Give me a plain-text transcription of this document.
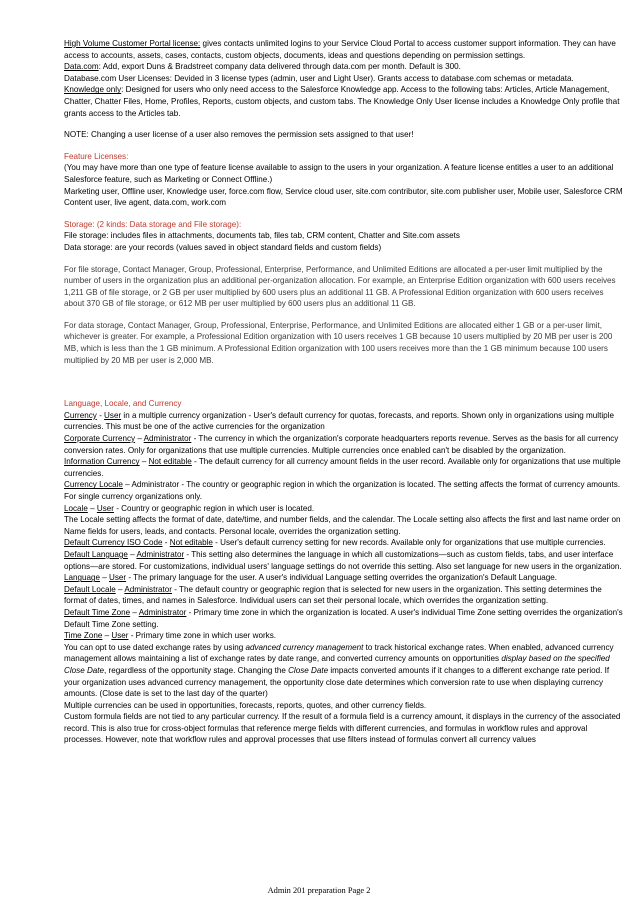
High Volume Customer Portal license: gives contacts unlimited logins to your Service Cloud Portal to access customer support information. They can have access to accounts, assets, cases, contacts, custom objects, documents, ideas and questions depending on permission settings.

Data.com: Add, export Duns & Bradstreet company data delivered through data.com per month. Default is 300.

Database.com User Licenses: Devided in 3 license types (admin, user and Light User). Grants access to database.com schemas or metadata.

Knowledge only: Designed for users who only need access to the Salesforce Knowledge app. Access to the following tabs: Articles, Article Management, Chatter, Chatter Files, Home, Profiles, Reports, custom objects, and custom tabs. The Knowledge Only User license includes a Knowledge Only profile that grants access to the Articles tab.

NOTE: Changing a user license of a user also removes the permission sets assigned to that user!

Feature Licenses:

(You may have more than one type of feature license available to assign to the users in your organization. A feature license entitles a user to an additional Salesforce feature, such as Marketing or Connect Offline.)

Marketing user, Offline user, Knowledge user, force.com flow, Service cloud user, site.com contributor, site.com publisher user, Mobile user, Salesforce CRM Content user, live agent, data.com, work.com

Storage: (2 kinds: Data storage and File storage):

File storage: includes files in attachments, documents tab, files tab, CRM content, Chatter and Site.com assets

Data storage: are your records (values saved in object standard fields and custom fields)

For file storage, Contact Manager, Group, Professional, Enterprise, Performance, and Unlimited Editions are allocated a per-user limit multiplied by the number of users in the organization plus an additional per-organization allocation. For example, an Enterprise Edition organization with 600 users receives 1,211 GB of file storage, or 2 GB per user multiplied by 600 users plus an additional 11 GB. A Professional Edition organization with 600 users receives about 370 GB of file storage, or 612 MB per user multiplied by 600 users plus an additional 11 GB.

For data storage, Contact Manager, Group, Professional, Enterprise, Performance, and Unlimited Editions are allocated either 1 GB or a per-user limit, whichever is greater. For example, a Professional Edition organization with 10 users receives 1 GB because 10 users multiplied by 20 MB per user is 200 MB, which is less than the 1 GB minimum. A Professional Edition organization with 100 users receives more than the 1 GB minimum because 100 users multiplied by 20 MB per user is 2,000 MB.

Language, Locale, and Currency

Currency - User in a multiple currency organization - User's default currency for quotas, forecasts, and reports. Shown only in organizations using multiple currencies. This must be one of the active currencies for the organization

Corporate Currency – Administrator - The currency in which the organization's corporate headquarters reports revenue. Serves as the basis for all currency conversion rates. Only for organizations that use multiple currencies. Multiple currencies once enabled can't be disabled by the organization.

Information Currency – Not editable - The default currency for all currency amount fields in the user record. Available only for organizations that use multiple currencies.

Currency Locale – Administrator - The country or geographic region in which the organization is located. The setting affects the format of currency amounts. For single currency organizations only.

Locale – User - Country or geographic region in which user is located.

The Locale setting affects the format of date, date/time, and number fields, and the calendar. The Locale setting also affects the first and last name order on Name fields for users, leads, and contacts. Personal locale, overrides the organization setting.

Default Currency ISO Code - Not editable - User's default currency setting for new records. Available only for organizations that use multiple currencies.

Default Language – Administrator - This setting also determines the language in which all customizations—such as custom fields, tabs, and user interface options—are stored. For customizations, individual users' language settings do not override this setting. Also set language for new users in the organization.

Language – User - The primary language for the user. A user's individual Language setting overrides the organization's Default Language.

Default Locale – Administrator - The default country or geographic region that is selected for new users in the organization. This setting determines the format of dates, times, and names in Salesforce. Individual users can set their personal locale, which overrides the organization setting.

Default Time Zone – Administrator - Primary time zone in which the organization is located. A user's individual Time Zone setting overrides the organization's Default Time Zone setting.

Time Zone – User - Primary time zone in which user works.

You can opt to use dated exchange rates by using advanced currency management to track historical exchange rates. When enabled, advanced currency management allows maintaining a list of exchange rates by date range, and converted currency amounts on opportunities display based on the specified Close Date, regardless of the opportunity stage. Changing the Close Date impacts converted amounts if it changes to a different exchange rate period. If your organization uses advanced currency management, the opportunity close date determines which conversion rate to use when displaying currency amounts. (Close date is set to the last day of the quarter)

Multiple currencies can be used in opportunities, forecasts, reports, quotes, and other currency fields.

Custom formula fields are not tied to any particular currency. If the result of a formula field is a currency amount, it displays in the currency of the associated record. This is also true for cross-object formulas that reference merge fields with different currencies, and formulas in workflow rules and approval processes. However, note that workflow rules and approval processes that use filters instead of formulas convert all currency values

Admin 201 preparation Page 2
